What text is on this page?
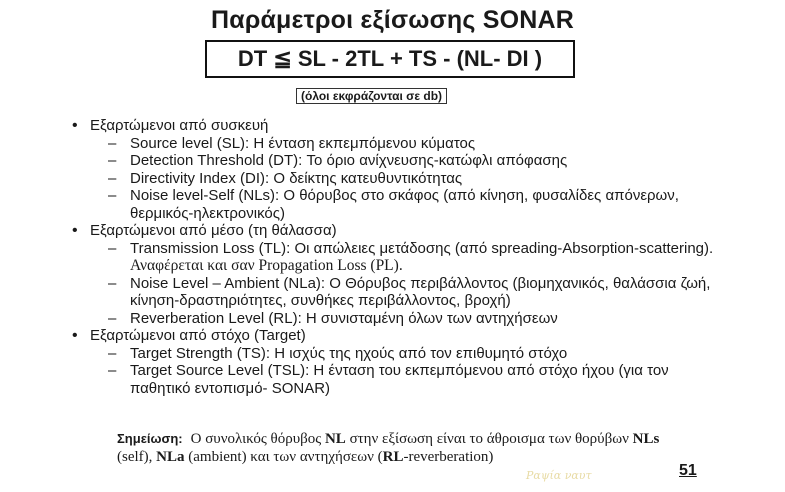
Παράμετροι εξίσωσης SONAR
DT ≦ SL - 2TL + TS - (NL- DI )
(όλοι εκφράζονται σε db)
• Εξαρτώμενοι από συσκευή
– Source level (SL): Η ένταση εκπεμπόμενου κύματος
– Detection Threshold (DT): Το όριο ανίχνευσης-κατώφλι απόφασης
– Directivity Index (DI): Ο δείκτης κατευθυντικότητας
– Noise level-Self (NLs): Ο θόρυβος στο σκάφος (από κίνηση, φυσαλίδες απόνερων, θερμικός-ηλεκτρονικός)
• Εξαρτώμενοι από μέσο (τη θάλασσα)
– Transmission Loss (TL): Οι απώλειες μετάδοσης (από spreading-Absorption-scattering). Αναφέρεται και σαν Propagation Loss (PL).
– Noise Level – Ambient (NLa): Ο Θόρυβος περιβάλλοντος (βιομηχανικός, θαλάσσια ζωή, κίνηση-δραστηριότητες, συνθήκες περιβάλλοντος, βροχή)
– Reverberation Level (RL): Η συνισταμένη όλων των αντηχήσεων
• Εξαρτώμενοι από στόχο (Target)
– Target Strength (TS): Η ισχύς της ηχούς από τον επιθυμητό στόχο
– Target Source Level (TSL): Η ένταση του εκπεμπόμενου από στόχο ήχου (για τον παθητικό εντοπισμό- SONAR)
Σημείωση: Ο συνολικός θόρυβος NL στην εξίσωση είναι το άθροισμα των θορύβων NLs (self), NLa (ambient) και των αντηχήσεων (RL-reverberation)
Ραψία ναυτ	51
